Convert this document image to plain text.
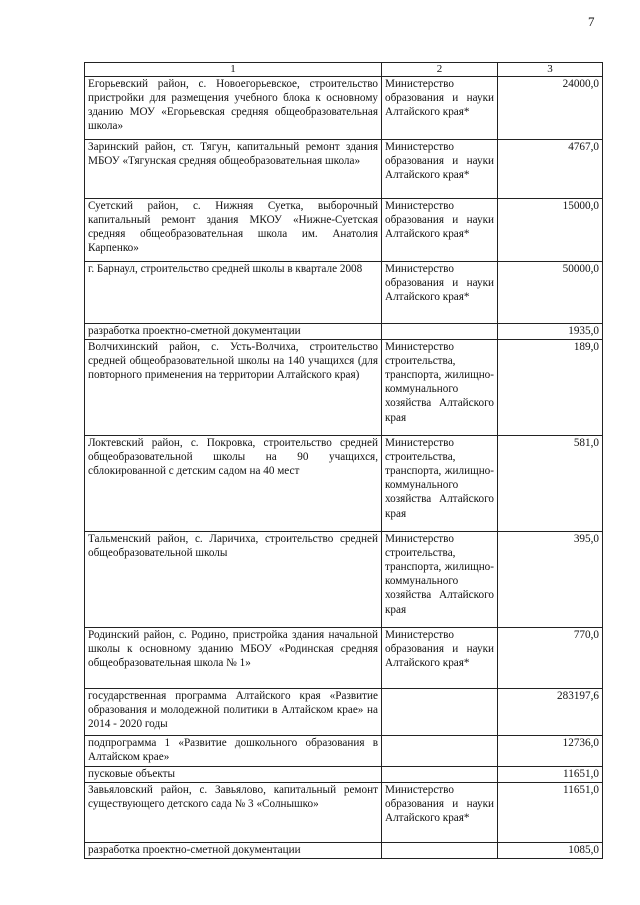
7
1	2	3
Егорьевский район, с. Новоегорьевское, строительство пристройки для размещения учебного блока к основному зданию МОУ «Егорьевская средняя общеобразовательная школа»	Министерство образования и науки Алтайского края*	24000,0
Заринский район, ст. Тягун, капитальный ремонт здания МБОУ «Тягунская средняя общеобразовательная школа»	Министерство образования и науки Алтайского края*	4767,0
Суетский район, с. Нижняя Суетка, выборочный капитальный ремонт здания МКОУ «Нижне-Суетская средняя общеобразовательная школа им. Анатолия Карпенко»	Министерство образования и науки Алтайского края*	15000,0
г. Барнаул, строительство средней школы в квартале 2008	Министерство образования и науки Алтайского края*	50000,0
разработка проектно-сметной документации		1935,0
Волчихинский район, с. Усть-Волчиха, строительство средней общеобразовательной школы на 140 учащихся (для повторного применения на территории Алтайского края)	Министерство строительства, транспорта, жилищно-коммунального хозяйства Алтайского края	189,0
Локтевский район, с. Покровка, строительство средней общеобразовательной школы на 90 учащихся, сблокированной с детским садом на 40 мест	Министерство строительства, транспорта, жилищно-коммунального хозяйства Алтайского края	581,0
Тальменский район, с. Ларичиха, строительство средней общеобразовательной школы	Министерство строительства, транспорта, жилищно-коммунального хозяйства Алтайского края	395,0
Родинский район, с. Родино, пристройка здания начальной школы к основному зданию МБОУ «Родинская средняя общеобразовательная школа № 1»	Министерство образования и науки Алтайского края*	770,0
государственная программа Алтайского края «Развитие образования и молодежной политики в Алтайском крае» на 2014 - 2020 годы		283197,6
подпрограмма 1 «Развитие дошкольного образования в Алтайском крае»		12736,0
пусковые объекты		11651,0
Завьяловский район, с. Завьялово, капитальный ремонт существующего детского сада № 3 «Солнышко»	Министерство образования и науки Алтайского края*	11651,0
разработка проектно-сметной документации		1085,0
